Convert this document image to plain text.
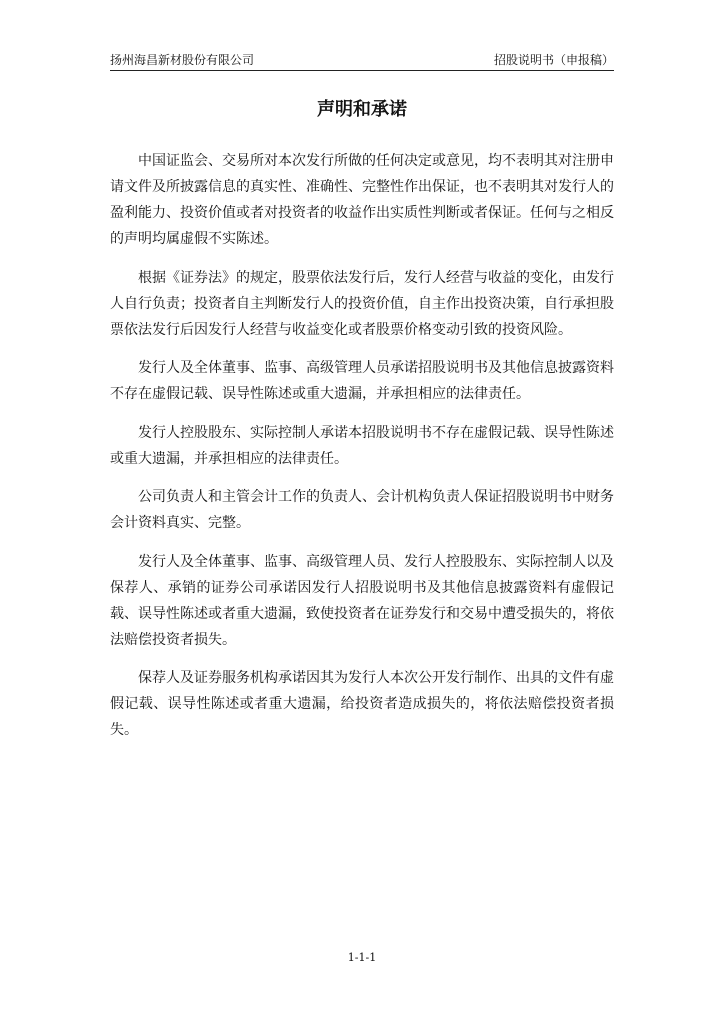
扬州海昌新材股份有限公司	招股说明书（申报稿）
声明和承诺

中国证监会、交易所对本次发行所做的任何决定或意见，均不表明其对注册申请文件及所披露信息的真实性、准确性、完整性作出保证，也不表明其对发行人的盈利能力、投资价值或者对投资者的收益作出实质性判断或者保证。任何与之相反的声明均属虚假不实陈述。

根据《证券法》的规定，股票依法发行后，发行人经营与收益的变化，由发行人自行负责；投资者自主判断发行人的投资价值，自主作出投资决策，自行承担股票依法发行后因发行人经营与收益变化或者股票价格变动引致的投资风险。

发行人及全体董事、监事、高级管理人员承诺招股说明书及其他信息披露资料不存在虚假记载、误导性陈述或重大遗漏，并承担相应的法律责任。

发行人控股股东、实际控制人承诺本招股说明书不存在虚假记载、误导性陈述或重大遗漏，并承担相应的法律责任。

公司负责人和主管会计工作的负责人、会计机构负责人保证招股说明书中财务会计资料真实、完整。

发行人及全体董事、监事、高级管理人员、发行人控股股东、实际控制人以及保荐人、承销的证券公司承诺因发行人招股说明书及其他信息披露资料有虚假记载、误导性陈述或者重大遗漏，致使投资者在证券发行和交易中遭受损失的，将依法赔偿投资者损失。

保荐人及证券服务机构承诺因其为发行人本次公开发行制作、出具的文件有虚假记载、误导性陈述或者重大遗漏，给投资者造成损失的，将依法赔偿投资者损失。

1-1-1
